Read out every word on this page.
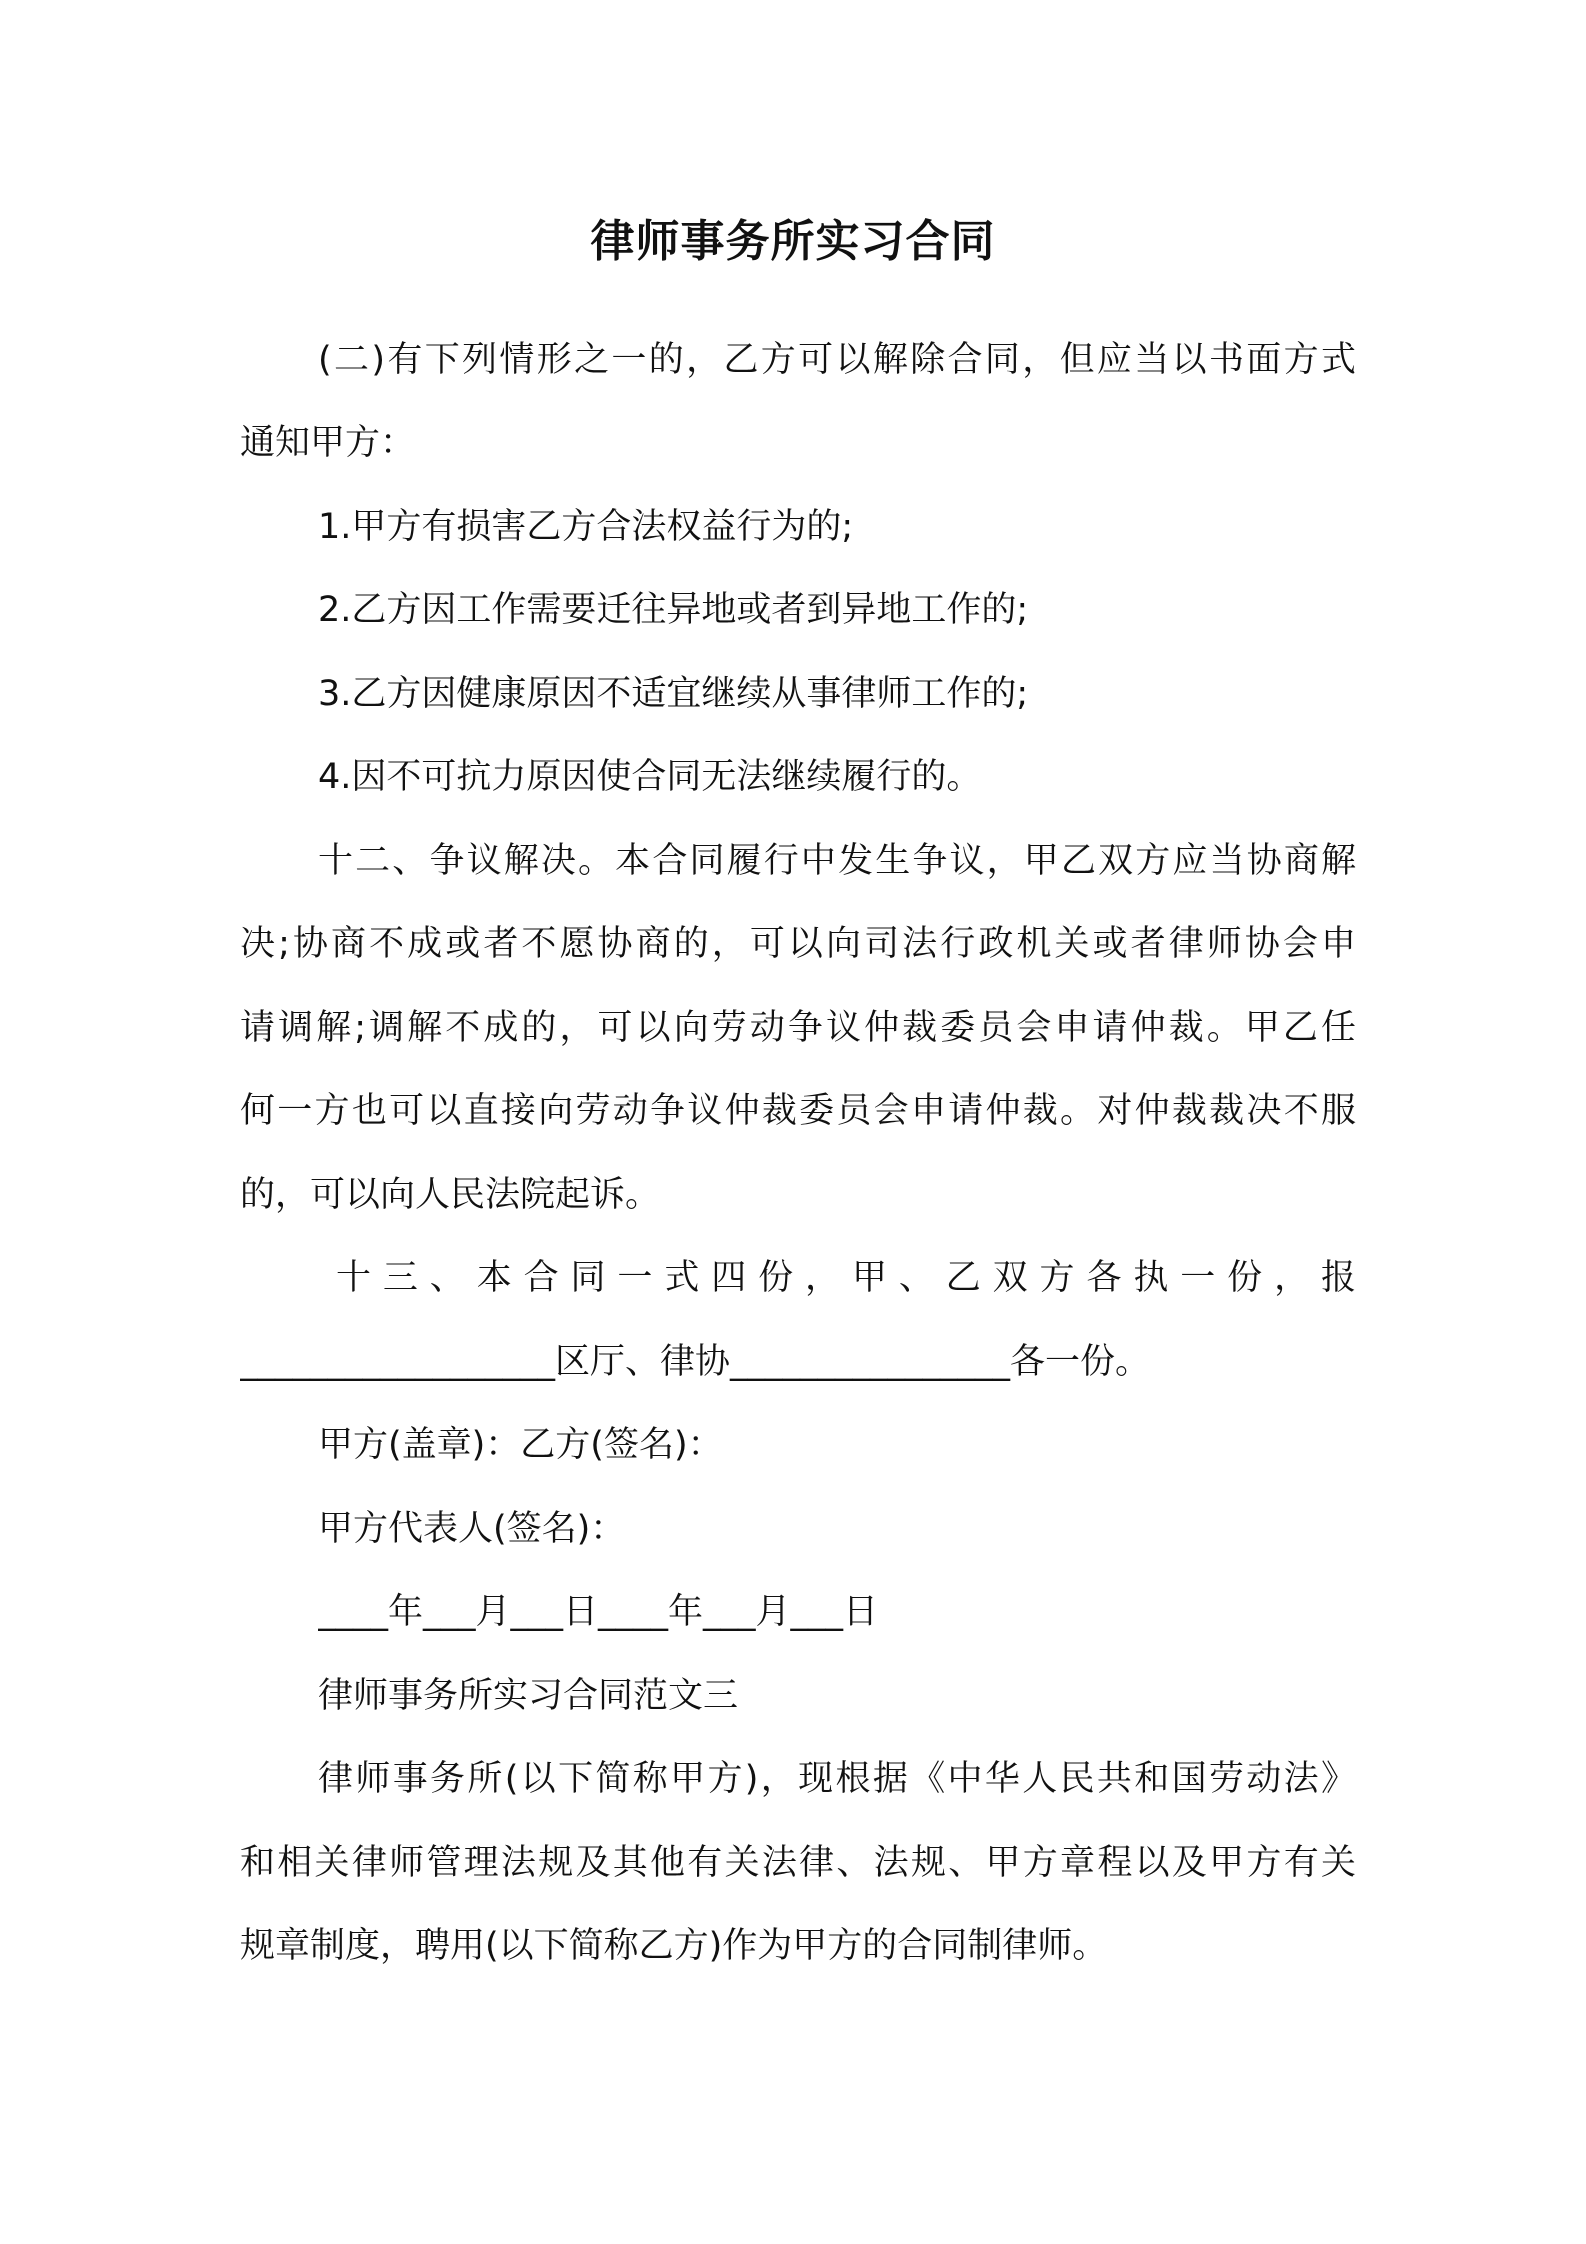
律师事务所实习合同
(二)有下列情形之一的，乙方可以解除合同，但应当以书面方式
通知甲方：
1.甲方有损害乙方合法权益行为的;
2.乙方因工作需要迁往异地或者到异地工作的;
3.乙方因健康原因不适宜继续从事律师工作的;
4.因不可抗力原因使合同无法继续履行的。
十二、争议解决。本合同履行中发生争议，甲乙双方应当协商解
决;协商不成或者不愿协商的，可以向司法行政机关或者律师协会申
请调解;调解不成的，可以向劳动争议仲裁委员会申请仲裁。甲乙任
何一方也可以直接向劳动争议仲裁委员会申请仲裁。对仲裁裁决不服
的，可以向人民法院起诉。
十三、本合同一式四份，甲、乙双方各执一份，报
__________________区厅、律协________________各一份。
甲方(盖章)：乙方(签名)：
甲方代表人(签名)：
____年___月___日____年___月___日
律师事务所实习合同范文三
律师事务所(以下简称甲方)，现根据《中华人民共和国劳动法》
和相关律师管理法规及其他有关法律、法规、甲方章程以及甲方有关
规章制度，聘用(以下简称乙方)作为甲方的合同制律师。
